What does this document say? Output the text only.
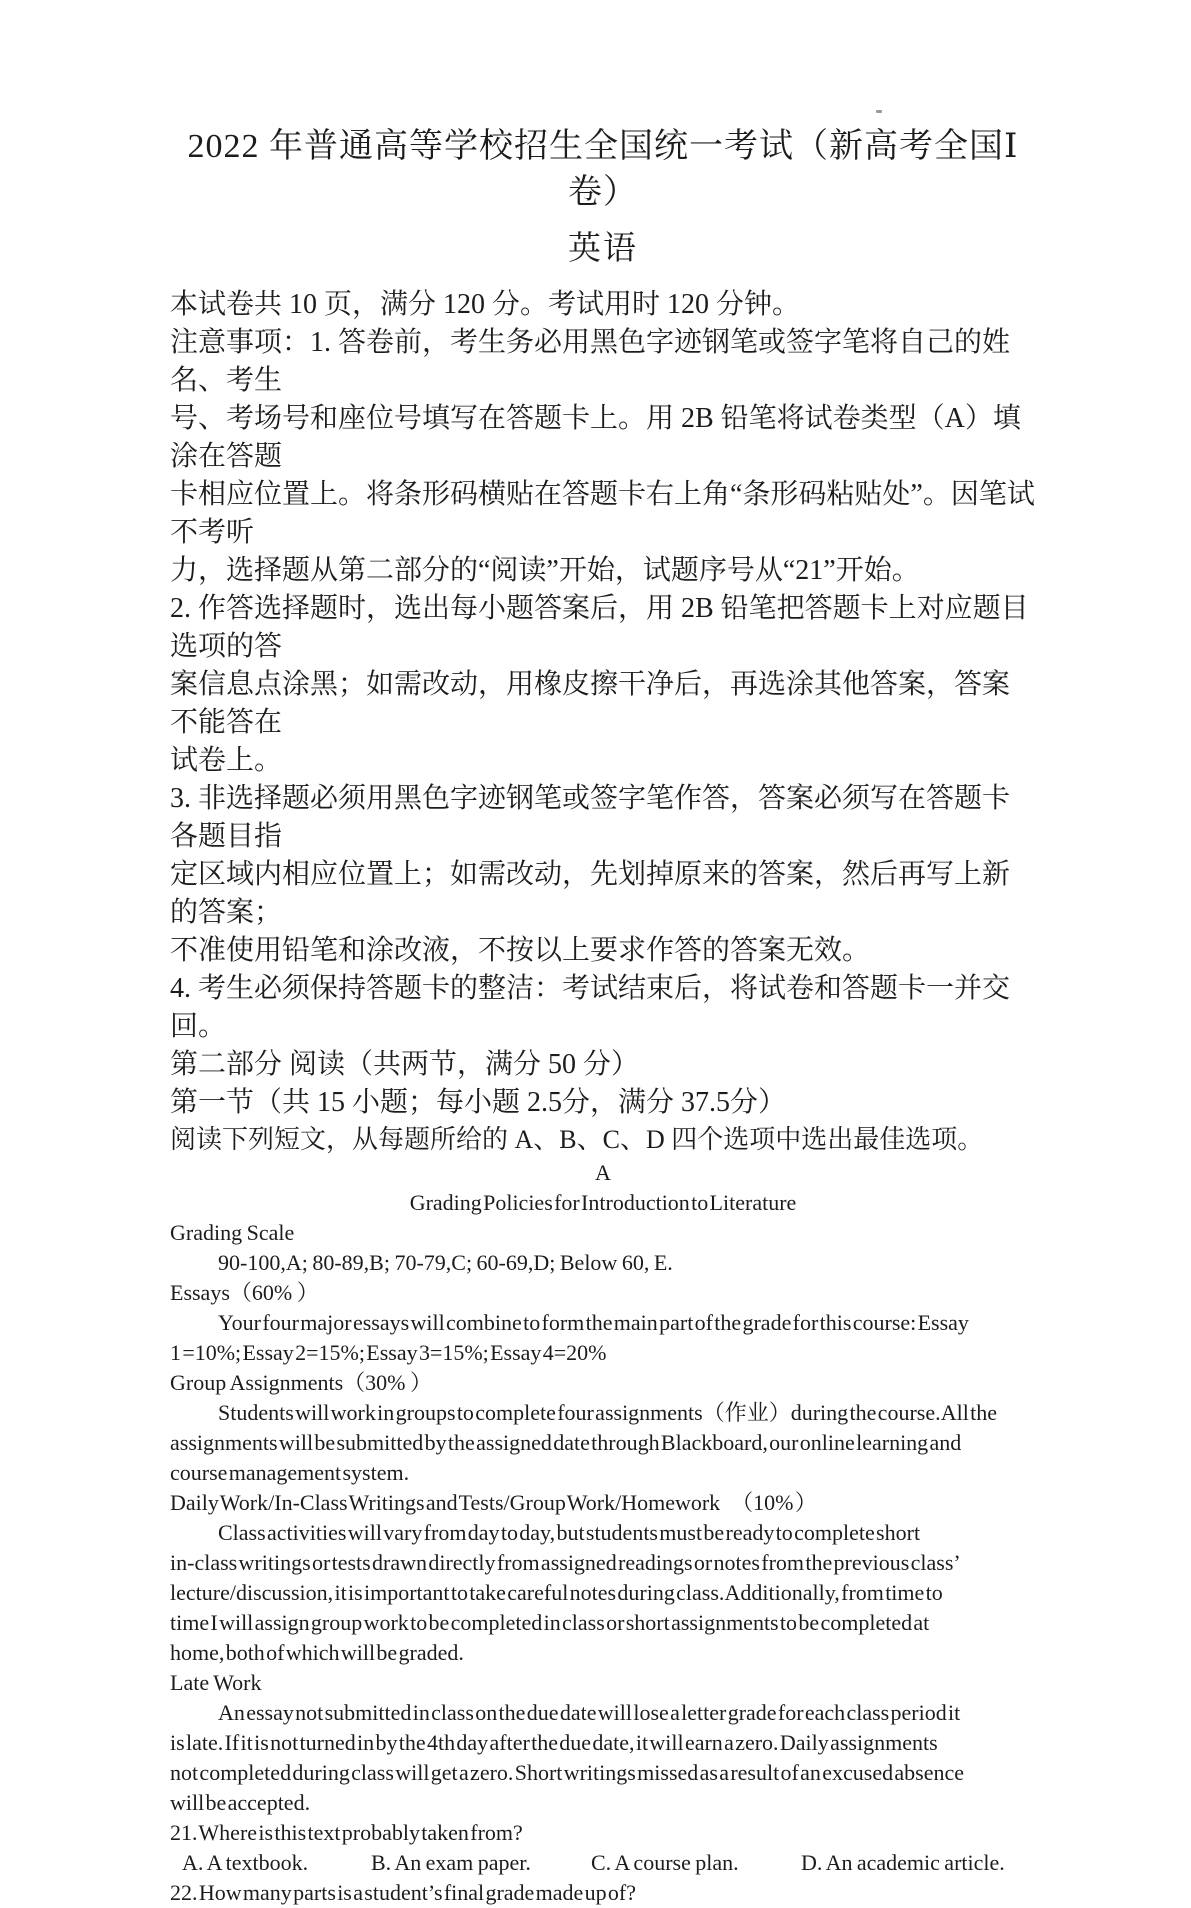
2022 年普通高等学校招生全国统一考试（新高考全国Ⅰ卷）
英语

本试卷共 10 页，满分 120 分。考试用时 120 分钟。

注意事项：1. 答卷前，考生务必用黑色字迹钢笔或签字笔将自己的姓名、考生

号、考场号和座位号填写在答题卡上。用 2B 铅笔将试卷类型（A）填涂在答题

卡相应位置上。将条形码横贴在答题卡右上角“条形码粘贴处”。因笔试不考听

力，选择题从第二部分的“阅读”开始，试题序号从“21”开始。

2. 作答选择题时，选出每小题答案后，用 2B 铅笔把答题卡上对应题目选项的答

案信息点涂黑；如需改动，用橡皮擦干净后，再选涂其他答案，答案不能答在

试卷上。

3. 非选择题必须用黑色字迹钢笔或签字笔作答，答案必须写在答题卡各题目指

定区域内相应位置上；如需改动，先划掉原来的答案，然后再写上新的答案；

不准使用铅笔和涂改液，不按以上要求作答的答案无效。

4. 考生必须保持答题卡的整洁：考试结束后，将试卷和答题卡一并交回。

第二部分 阅读（共两节，满分 50 分）

第一节（共 15 小题；每小题 2.5分，满分 37.5分）

阅读下列短文，从每题所给的 A、B、C、D 四个选项中选出最佳选项。

A

Grading Policies for Introduction to Literature

Grading Scale

90-100,A; 80-89,B; 70-79,C; 60-69,D; Below 60, E.

Essays（60% ）

Your four major essays will combine to form the main part of the grade for this course: Essay

1 =10%; Essay 2=15%; Essay 3=15%; Essay 4=20%

Group Assignments（30% ）

Students will work in groups to complete four assignments（作业）during the course. All the

assignments will be submitted by the assigned date through Blackboard, our online learning and

course management system.

Daily Work/In-Class Writings and Tests/Group Work/Homework　（10% ）

Class activities will vary from day to day, but students must be ready to complete short

in-class writings or tests drawn directly from assigned readings or notes from the previous class’

lecture/discussion, it is important to take careful notes during class. Additionally, from time to

time I will assign group work to be completed in class or short assignments to be completed at

home, both of which will be graded.

Late Work

An essay not submitted in class on the due date will lose a letter grade for each class period it

is late. If it is not turned in by the 4th day after the due date, it will earn a zero. Daily assignments

not completed during class will get a zero. Short writings missed as a result of an excused absence

will be accepted.

21. Where is this text probably taken from?

A. A textbook.	B. An exam paper.	C. A course plan.	D. An academic article.

22. How many parts is a student’s final grade made up of?
